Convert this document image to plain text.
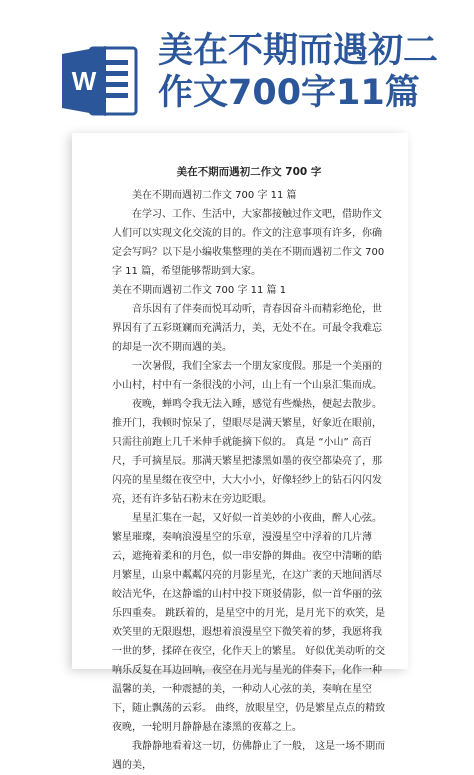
W
美在不期而遇初二
作文700字11篇
美在不期而遇初二作文 700 字

美在不期而遇初二作文 700 字 11 篇

在学习、工作、生活中，大家都接触过作文吧，借助作文人们可以实现文化交流的目的。作文的注意事项有许多，你确定会写吗？以下是小编收集整理的美在不期而遇初二作文 700 字 11 篇，希望能够帮助到大家。

美在不期而遇初二作文 700 字 11 篇 1

音乐因有了伴奏而悦耳动听，青春因奋斗而精彩绝伦，世界因有了五彩斑斓而充满活力，美，无处不在。可最令我难忘的却是一次不期而遇的美。

一次暑假，我们全家去一个朋友家度假。那是一个美丽的小山村，村中有一条很浅的小河，山上有一个山泉汇集而成。

夜晚，蝉鸣令我无法入睡，感觉有些燥热，便起去散步。推开门，我顿时惊呆了，望眼尽是满天繁星，好象近在眼前，只需往前跑上几千米伸手就能摘下似的。 真是 “小山” 高百尺，手可摘星辰。那满天繁星把漆黑如墨的夜空都染亮了，那闪亮的星星缀在夜空中，大大小小，好像轻纱上的钻石闪闪发亮，还有许多钻石粉末在旁边眨眼。

星星汇集在一起，又好似一首美妙的小夜曲，醉人心弦。 繁星璀璨，奏响浪漫星空的乐章，漫漫星空中浮着的几片薄云，遮掩着柔和的月色，似一串安静的舞曲。夜空中清晰的皓月繁星，山泉中粼粼闪亮的月影星光，在这广袤的天地间洒尽皎洁光华，在这静谧的山村中投下斑驳倩影，似一首华丽的弦乐四重奏。 跳跃着的，是星空中的月光，是月光下的欢笑，是欢笑里的无限遐想，遐想着浪漫星空下微笑着的梦，我愿将我一世的梦，揉碎在夜空，化作天上的繁星。 好似优美动听的交响乐反复在耳边回响，夜空在月光与星光的伴奏下，化作一种温馨的美，一种震撼的美，一种动人心弦的美，奏响在星空下，随止飘荡的云彩。 曲终，放眼星空，仍是繁星点点的精致夜晚，一轮明月静静悬在漆黑的夜幕之上。

我静静地看着这一切，仿佛静止了一般， 这是一场不期而遇的美，
